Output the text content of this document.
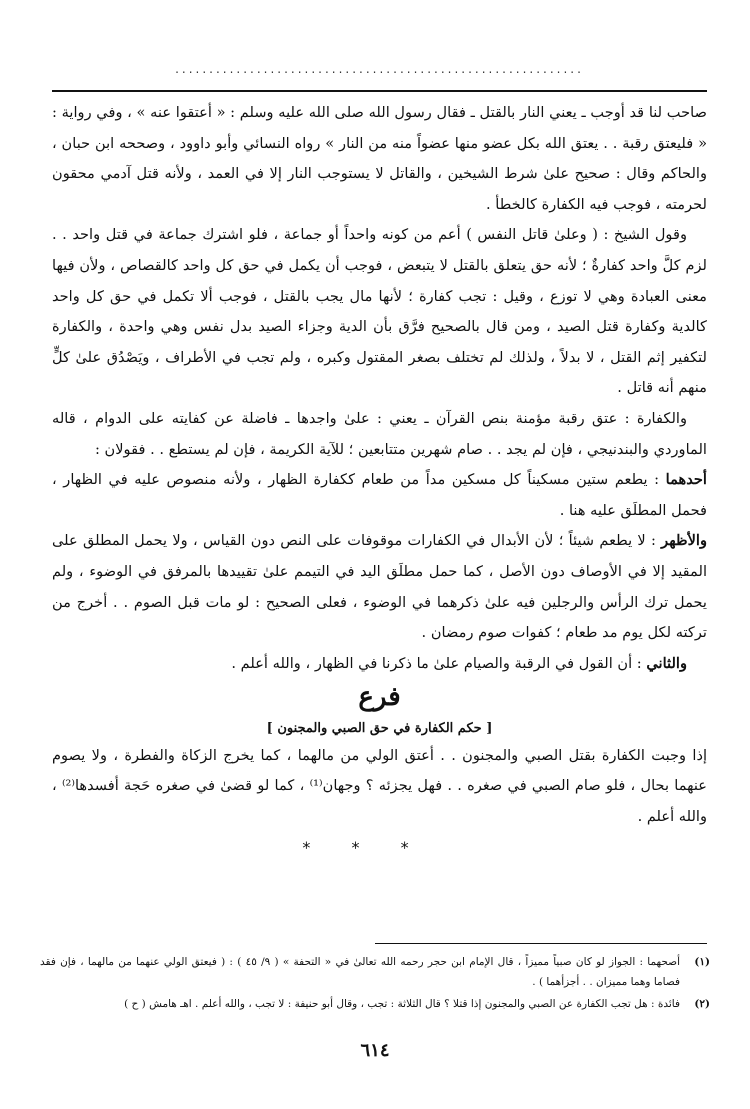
............................................................

صاحب لنا قد أوجب ـ يعني النار بالقتل ـ فقال رسول الله صلى الله عليه وسلم : « أعتقوا عنه » ، وفي رواية : « فليعتق رقبة . . يعتق الله بكل عضو منها عضواً منه من النار » رواه النسائي وأبو داوود ، وصححه ابن حبان ، والحاكم وقال : صحيح علىٰ شرط الشيخين ، والقاتل لا يستوجب النار إلا في العمد ، ولأنه قتل آدمي محقون لحرمته ، فوجب فيه الكفارة كالخطأ .

وقول الشيخ : ( وعلىٰ قاتل النفس ) أعم من كونه واحداً أو جماعة ، فلو اشترك جماعة في قتل واحد . . لزم كلَّ واحد كفارةٌ ؛ لأنه حق يتعلق بالقتل لا يتبعض ، فوجب أن يكمل في حق كل واحد كالقصاص ، ولأن فيها معنى العبادة وهي لا توزع ، وقيل : تجب كفارة ؛ لأنها مال يجب بالقتل ، فوجب ألا تكمل في حق كل واحد كالدية وكفارة قتل الصيد ، ومن قال بالصحيح فرَّق بأن الدية وجزاء الصيد بدل نفس وهي واحدة ، والكفارة لتكفير إثم القتل ، لا بدلاً ، ولذلك لم تختلف بصغر المقتول وكبره ، ولم تجب في الأطراف ، ويَصْدُق علىٰ كلٍّ منهم أنه قاتل .

والكفارة : عتق رقبة مؤمنة بنص القرآن ـ يعني : علىٰ واجدها ـ فاضلة عن كفايته على الدوام ، قاله الماوردي والبندنيجي ، فإن لم يجد . . صام شهرين متتابعين ؛ للآية الكريمة ، فإن لم يستطع . . فقولان :

أحدهما : يطعم ستين مسكيناً كل مسكين مداً من طعام ككفارة الظهار ، ولأنه منصوص عليه في الظهار ، فحمل المطلَق عليه هنا .

والأظهر : لا يطعم شيئاً ؛ لأن الأبدال في الكفارات موقوفات على النص دون القياس ، ولا يحمل المطلق على المقيد إلا في الأوصاف دون الأصل ، كما حمل مطلَق اليد في التيمم علىٰ تقييدها بالمرفق في الوضوء ، ولم يحمل ترك الرأس والرجلين فيه علىٰ ذكرهما في الوضوء ، فعلى الصحيح : لو مات قبل الصوم . . أخرج من تركته لكل يوم مد طعام ؛ كفوات صوم رمضان .

والثاني : أن القول في الرقبة والصيام علىٰ ما ذكرنا في الظهار ، والله أعلم .

فرع
[ حكم الكفارة في حق الصبي والمجنون ]

إذا وجبت الكفارة بقتل الصبي والمجنون . . أعتق الولي من مالهما ، كما يخرج الزكاة والفطرة ، ولا يصوم عنهما بحال ، فلو صام الصبي في صغره . . فهل يجزئه ؟ وجهان⁽¹⁾ ، كما لو قضىٰ في صغره حَجة أفسدها⁽²⁾ ، والله أعلم .

* * *
(١)
أصحهما : الجواز لو كان صبياً مميزاً ، قال الإمام ابن حجر رحمه الله تعالىٰ في « التحفة » ( ٩/ ٤٥ ) : ( فيعتق الولي عنهما من مالهما ، فإن فقد فصاما وهما مميزان . . أجزأهما ) .
(٢)
فائدة : هل تجب الكفارة عن الصبي والمجنون إذا قتلا ؟ قال الثلاثة : تجب ، وقال أبو حنيفة : لا تجب ، والله أعلم . اهـ هامش ( ح )
٦١٤
